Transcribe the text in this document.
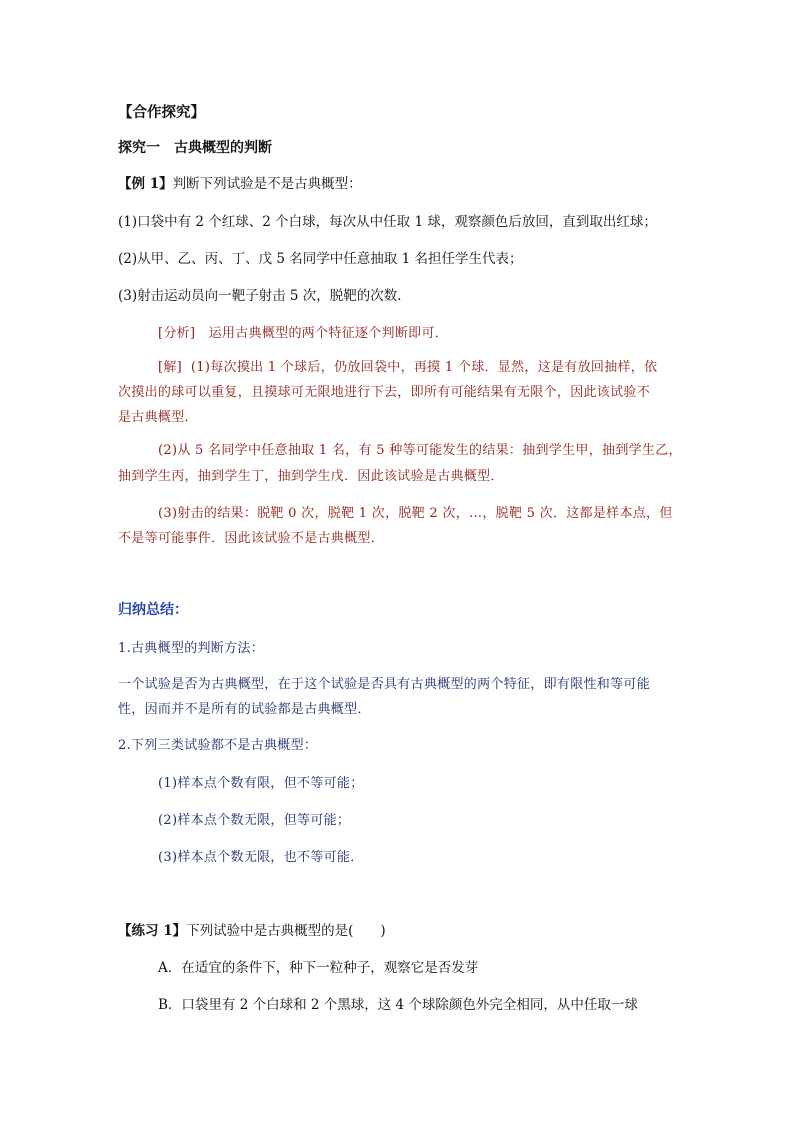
【合作探究】
探究一　古典概型的判断
【例 1】判断下列试验是不是古典概型：
(1)口袋中有 2 个红球、2 个白球，每次从中任取 1 球，观察颜色后放回，直到取出红球；
(2)从甲、乙、丙、丁、戊 5 名同学中任意抽取 1 名担任学生代表；
(3)射击运动员向一靶子射击 5 次，脱靶的次数．
[分析]　运用古典概型的两个特征逐个判断即可．
[解] (1)每次摸出 1 个球后，仍放回袋中，再摸 1 个球．显然，这是有放回抽样，依
次摸出的球可以重复，且摸球可无限地进行下去，即所有可能结果有无限个，因此该试验不
是古典概型．
(2)从 5 名同学中任意抽取 1 名，有 5 种等可能发生的结果：抽到学生甲，抽到学生乙，
抽到学生丙，抽到学生丁，抽到学生戊．因此该试验是古典概型．
(3)射击的结果：脱靶 0 次，脱靶 1 次，脱靶 2 次，…，脱靶 5 次．这都是样本点，但
不是等可能事件．因此该试验不是古典概型．
归纳总结：
1.古典概型的判断方法：
一个试验是否为古典概型，在于这个试验是否具有古典概型的两个特征，即有限性和等可能
性，因而并不是所有的试验都是古典概型．
2.下列三类试验都不是古典概型：
(1)样本点个数有限，但不等可能；
(2)样本点个数无限，但等可能；
(3)样本点个数无限，也不等可能．
【练习 1】下列试验中是古典概型的是(　　)
A．在适宜的条件下，种下一粒种子，观察它是否发芽
B．口袋里有 2 个白球和 2 个黑球，这 4 个球除颜色外完全相同，从中任取一球
